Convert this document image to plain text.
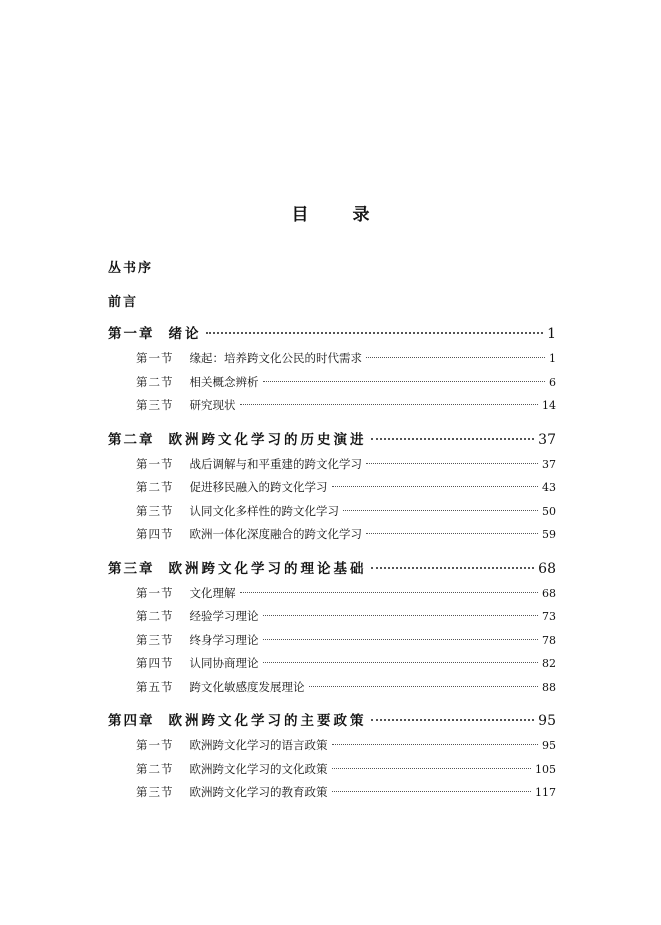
目	录
丛书序
前言
第一章 绪论	1
第一节 缘起：培养跨文化公民的时代需求	1
第二节 相关概念辨析	6
第三节 研究现状	14
第二章 欧洲跨文化学习的历史演进	37
第一节 战后调解与和平重建的跨文化学习	37
第二节 促进移民融入的跨文化学习	43
第三节 认同文化多样性的跨文化学习	50
第四节 欧洲一体化深度融合的跨文化学习	59
第三章 欧洲跨文化学习的理论基础	68
第一节 文化理解	68
第二节 经验学习理论	73
第三节 终身学习理论	78
第四节 认同协商理论	82
第五节 跨文化敏感度发展理论	88
第四章 欧洲跨文化学习的主要政策	95
第一节 欧洲跨文化学习的语言政策	95
第二节 欧洲跨文化学习的文化政策	105
第三节 欧洲跨文化学习的教育政策	117
